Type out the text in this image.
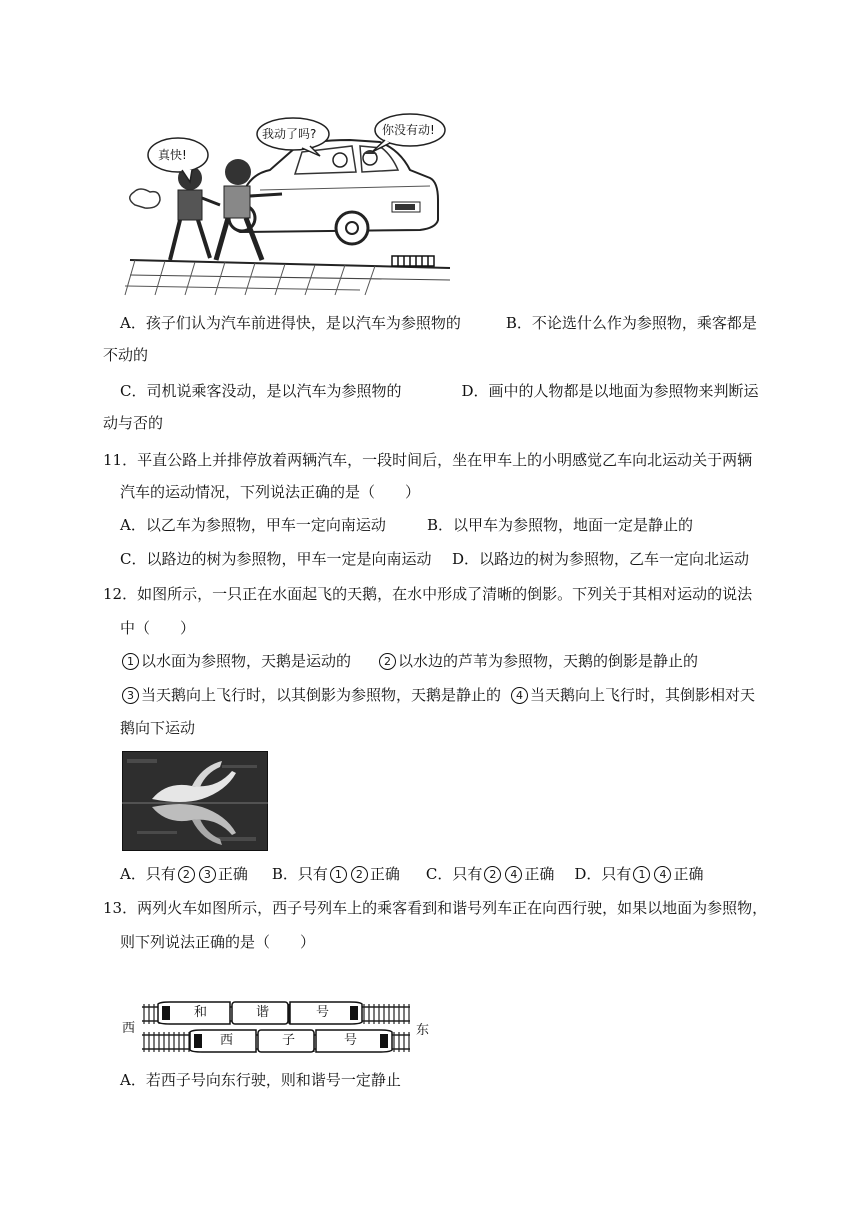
真快!
我动了吗?	你没有动!
A．孩子们认为汽车前进得快，是以汽车为参照物的　　　B．不论选什么作为参照物，乘客都是
不动的
C．司机说乘客没动，是以汽车为参照物的　　　　D．画中的人物都是以地面为参照物来判断运
动与否的
11．平直公路上并排停放着两辆汽车，一段时间后，坐在甲车上的小明感觉乙车向北运动关于两辆
汽车的运动情况，下列说法正确的是（　　）
A．以乙车为参照物，甲车一定向南运动	B．以甲车为参照物，地面一定是静止的
C．以路边的树为参照物，甲车一定是向南运动 D．以路边的树为参照物，乙车一定向北运动
12．如图所示，一只正在水面起飞的天鹅，在水中形成了清晰的倒影。下列关于其相对运动的说法
中（　　）
1 以水面为参照物，天鹅是运动的	2 以水边的芦苇为参照物，天鹅的倒影是静止的
3 当天鹅向上飞行时，以其倒影为参照物，天鹅是静止的 4 当天鹅向上飞行时，其倒影相对天
鹅向下运动
A．只有 2 3 正确 B．只有 1 2 正确 C．只有 2 4 正确 D．只有 1 4 正确
13．两列火车如图所示，西子号列车上的乘客看到和谐号列车正在向西行驶，如果以地面为参照物，
则下列说法正确的是（　　）
西	东
和	谐	号
西	子	号
A．若西子号向东行驶，则和谐号一定静止
